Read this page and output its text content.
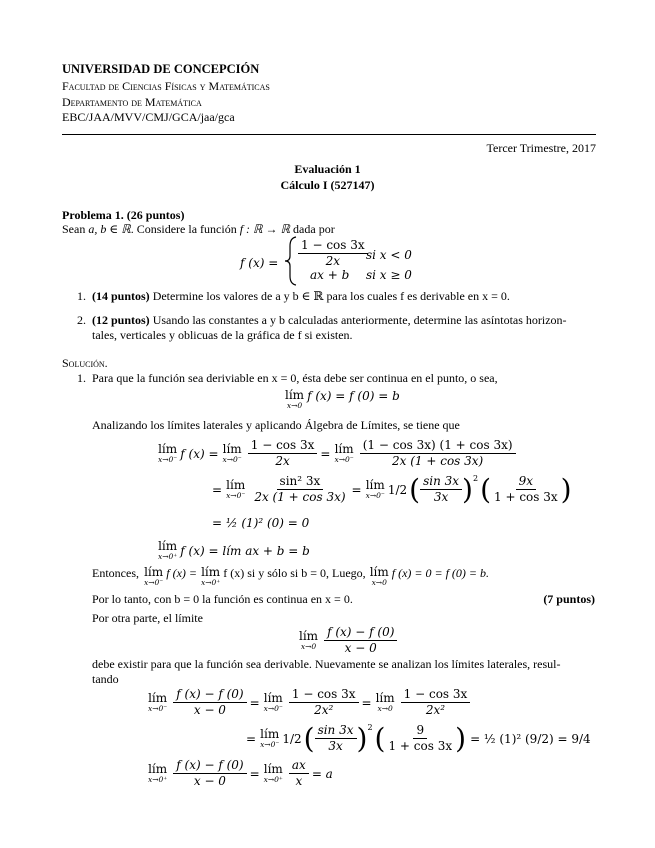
UNIVERSIDAD DE CONCEPCIÓN
Facultad de Ciencias Físicas y Matemáticas
Departamento de Matemática
EBC/JAA/MVV/CMJ/GCA/jaa/gca
Tercer Trimestre, 2017
Evaluación 1
Cálculo I (527147)
Problema 1. (26 puntos)
Sean a, b ∈ ℝ. Considere la función f : ℝ → ℝ dada por
f $(x) = \frac{1 - \cos 3x}{2x}$
si x < 0
ax + b si x ≥ 0
1. (14 puntos) Determine los valores de a y b ∈ ℝ para los cuales f es derivable en x = 0.
2. (12 puntos) Usando las constantes a y b calculadas anteriormente, determine las asíntotas horizon-
tales, verticales y oblicuas de la gráfica de f si existen.
Solución.
1. Para que la función sea deriviable en x = 0, ésta debe ser continua en el punto, o sea,
lím
x→0
f (x) = f (0) = b
Analizando los límites laterales y aplicando Álgebra de Límites, se tiene que
lím
x→0⁻ f (x) = lím
$x\to 0^- \frac{1 - \cos 3x}{2x}$ = lím
$x\to 0^- \frac{(1 - \cos 3x) (1 + \cos 3x)}{2x (1 + \cos 3x)}$
= lím
$x\to 0^- \frac{\text{sin² 3x}}{2x (1 + \cos 3x)}$ = lím
x→0⁻ 1/2 ( $\frac{\sin 3x}{3x} )^2$ ( $\frac{9x}{1 + \cos 3x}$ )
= ½ (1)² (0) = 0
lím
x→0⁺ f (x) = lím ax + b = b
Entonces, lím
x→0⁻
f (x) = lím
x→0⁺
f (x) si y sólo si b = 0, Luego, lím
x→0
f (x) = 0 = f (0) = b.
Por lo tanto, con b = 0 la función es continua en x = 0.	(7 puntos)
Por otra parte, el límite
lím
$x\to 0 \frac{f (x) - f (0)}{x - 0}$
debe existir para que la función sea derivable. Nuevamente se analizan los límites laterales, resul-
tando
lím
$x\to 0^- \frac{f (x) - f (0)}{x - 0}$ = lím
$x\to 0^- \frac{1 - \cos 3x}{\text{2x²}}$ = lím
$x\to 0 \frac{1 - \cos 3x}{\text{2x²}}$
= lím
x→0⁻ 1/2 ( $\frac{\sin 3x}{3x} )^2$ ( $\frac{9}{1 + \cos 3x}$ ) = ½ (1)² (9/2) = 9/4
lím
$x\to 0^+ \frac{f (x) - f (0)}{x - 0}$ = lím
$x\to 0^+ \frac{ax}{x} = a$
